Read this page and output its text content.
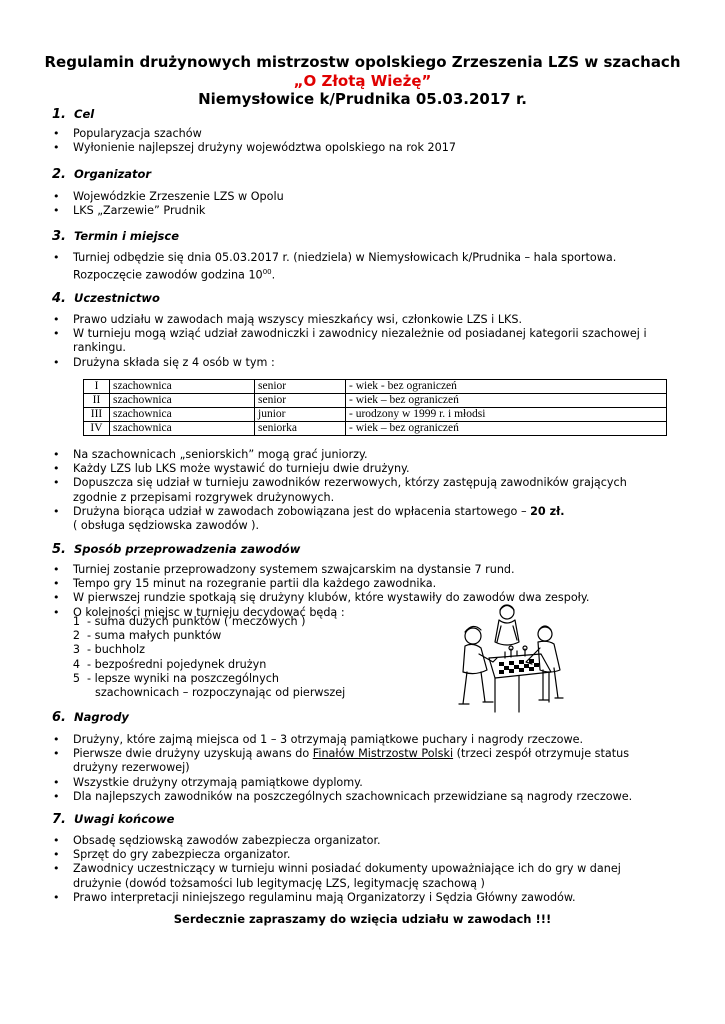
Regulamin drużynowych mistrzostw opolskiego Zrzeszenia LZS w szachach

„O Złotą Wieżę”

Niemysłowice k/Prudnika 05.03.2017 r.

1. Cel
• Popularyzacja szachów
• Wyłonienie najlepszej drużyny województwa opolskiego na rok 2017
2. Organizator
• Wojewódzkie Zrzeszenie LZS w Opolu
• LKS „Zarzewie” Prudnik
3. Termin i miejsce
• Turniej odbędzie się dnia 05.03.2017 r. (niedziela) w Niemysłowicach k/Prudnika – hala sportowa.
Rozpoczęcie zawodów godzina $10^{00}$.
4. Uczestnictwo
• Prawo udziału w zawodach mają wszyscy mieszkańcy wsi, członkowie LZS i LKS.
• W turnieju mogą wziąć udział zawodniczki i zawodnicy niezależnie od posiadanej kategorii szachowej i rankingu.
• Drużyna składa się z 4 osób w tym :
I	szachownica	senior	- wiek - bez ograniczeń
II	szachownica	senior	- wiek – bez ograniczeń
III	szachownica	junior	- urodzony w 1999 r. i młodsi
IV	szachownica	seniorka	- wiek – bez ograniczeń
• Na szachownicach „seniorskich” mogą grać juniorzy.
• Każdy LZS lub LKS może wystawić do turnieju dwie drużyny.
• Dopuszcza się udział w turnieju zawodników rezerwowych, którzy zastępują zawodników grających zgodnie z przepisami rozgrywek drużynowych.
• Drużyna biorąca udział w zawodach zobowiązana jest do wpłacenia startowego – 20 zł.
( obsługa sędziowska zawodów ).
5. Sposób przeprowadzenia zawodów
• Turniej zostanie przeprowadzony systemem szwajcarskim na dystansie 7 rund.
• Tempo gry 15 minut na rozegranie partii dla każdego zawodnika.
• W pierwszej rundzie spotkają się drużyny klubów, które wystawiły do zawodów dwa zespoły.
• O kolejności miejsc w turnieju decydować będą :
1 - suma dużych punktów ( meczowych )
2 - suma małych punktów
3 - buchholz
4 - bezpośredni pojedynek drużyn
5 - lepsze wyniki na poszczególnych
szachownicach – rozpoczynając od pierwszej
6. Nagrody
• Drużyny, które zajmą miejsca od 1 – 3 otrzymają pamiątkowe puchary i nagrody rzeczowe.
• Pierwsze dwie drużyny uzyskują awans do Finałów Mistrzostw Polski (trzeci zespół otrzymuje status drużyny rezerwowej)
• Wszystkie drużyny otrzymają pamiątkowe dyplomy.
• Dla najlepszych zawodników na poszczególnych szachownicach przewidziane są nagrody rzeczowe.
7. Uwagi końcowe
• Obsadę sędziowską zawodów zabezpiecza organizator.
• Sprzęt do gry zabezpiecza organizator.
• Zawodnicy uczestniczący w turnieju winni posiadać dokumenty upoważniające ich do gry w danej drużynie (dowód tożsamości lub legitymację LZS, legitymację szachową )
• Prawo interpretacji niniejszego regulaminu mają Organizatorzy i Sędzia Główny zawodów.
Serdecznie zapraszamy do wzięcia udziału w zawodach !!!
